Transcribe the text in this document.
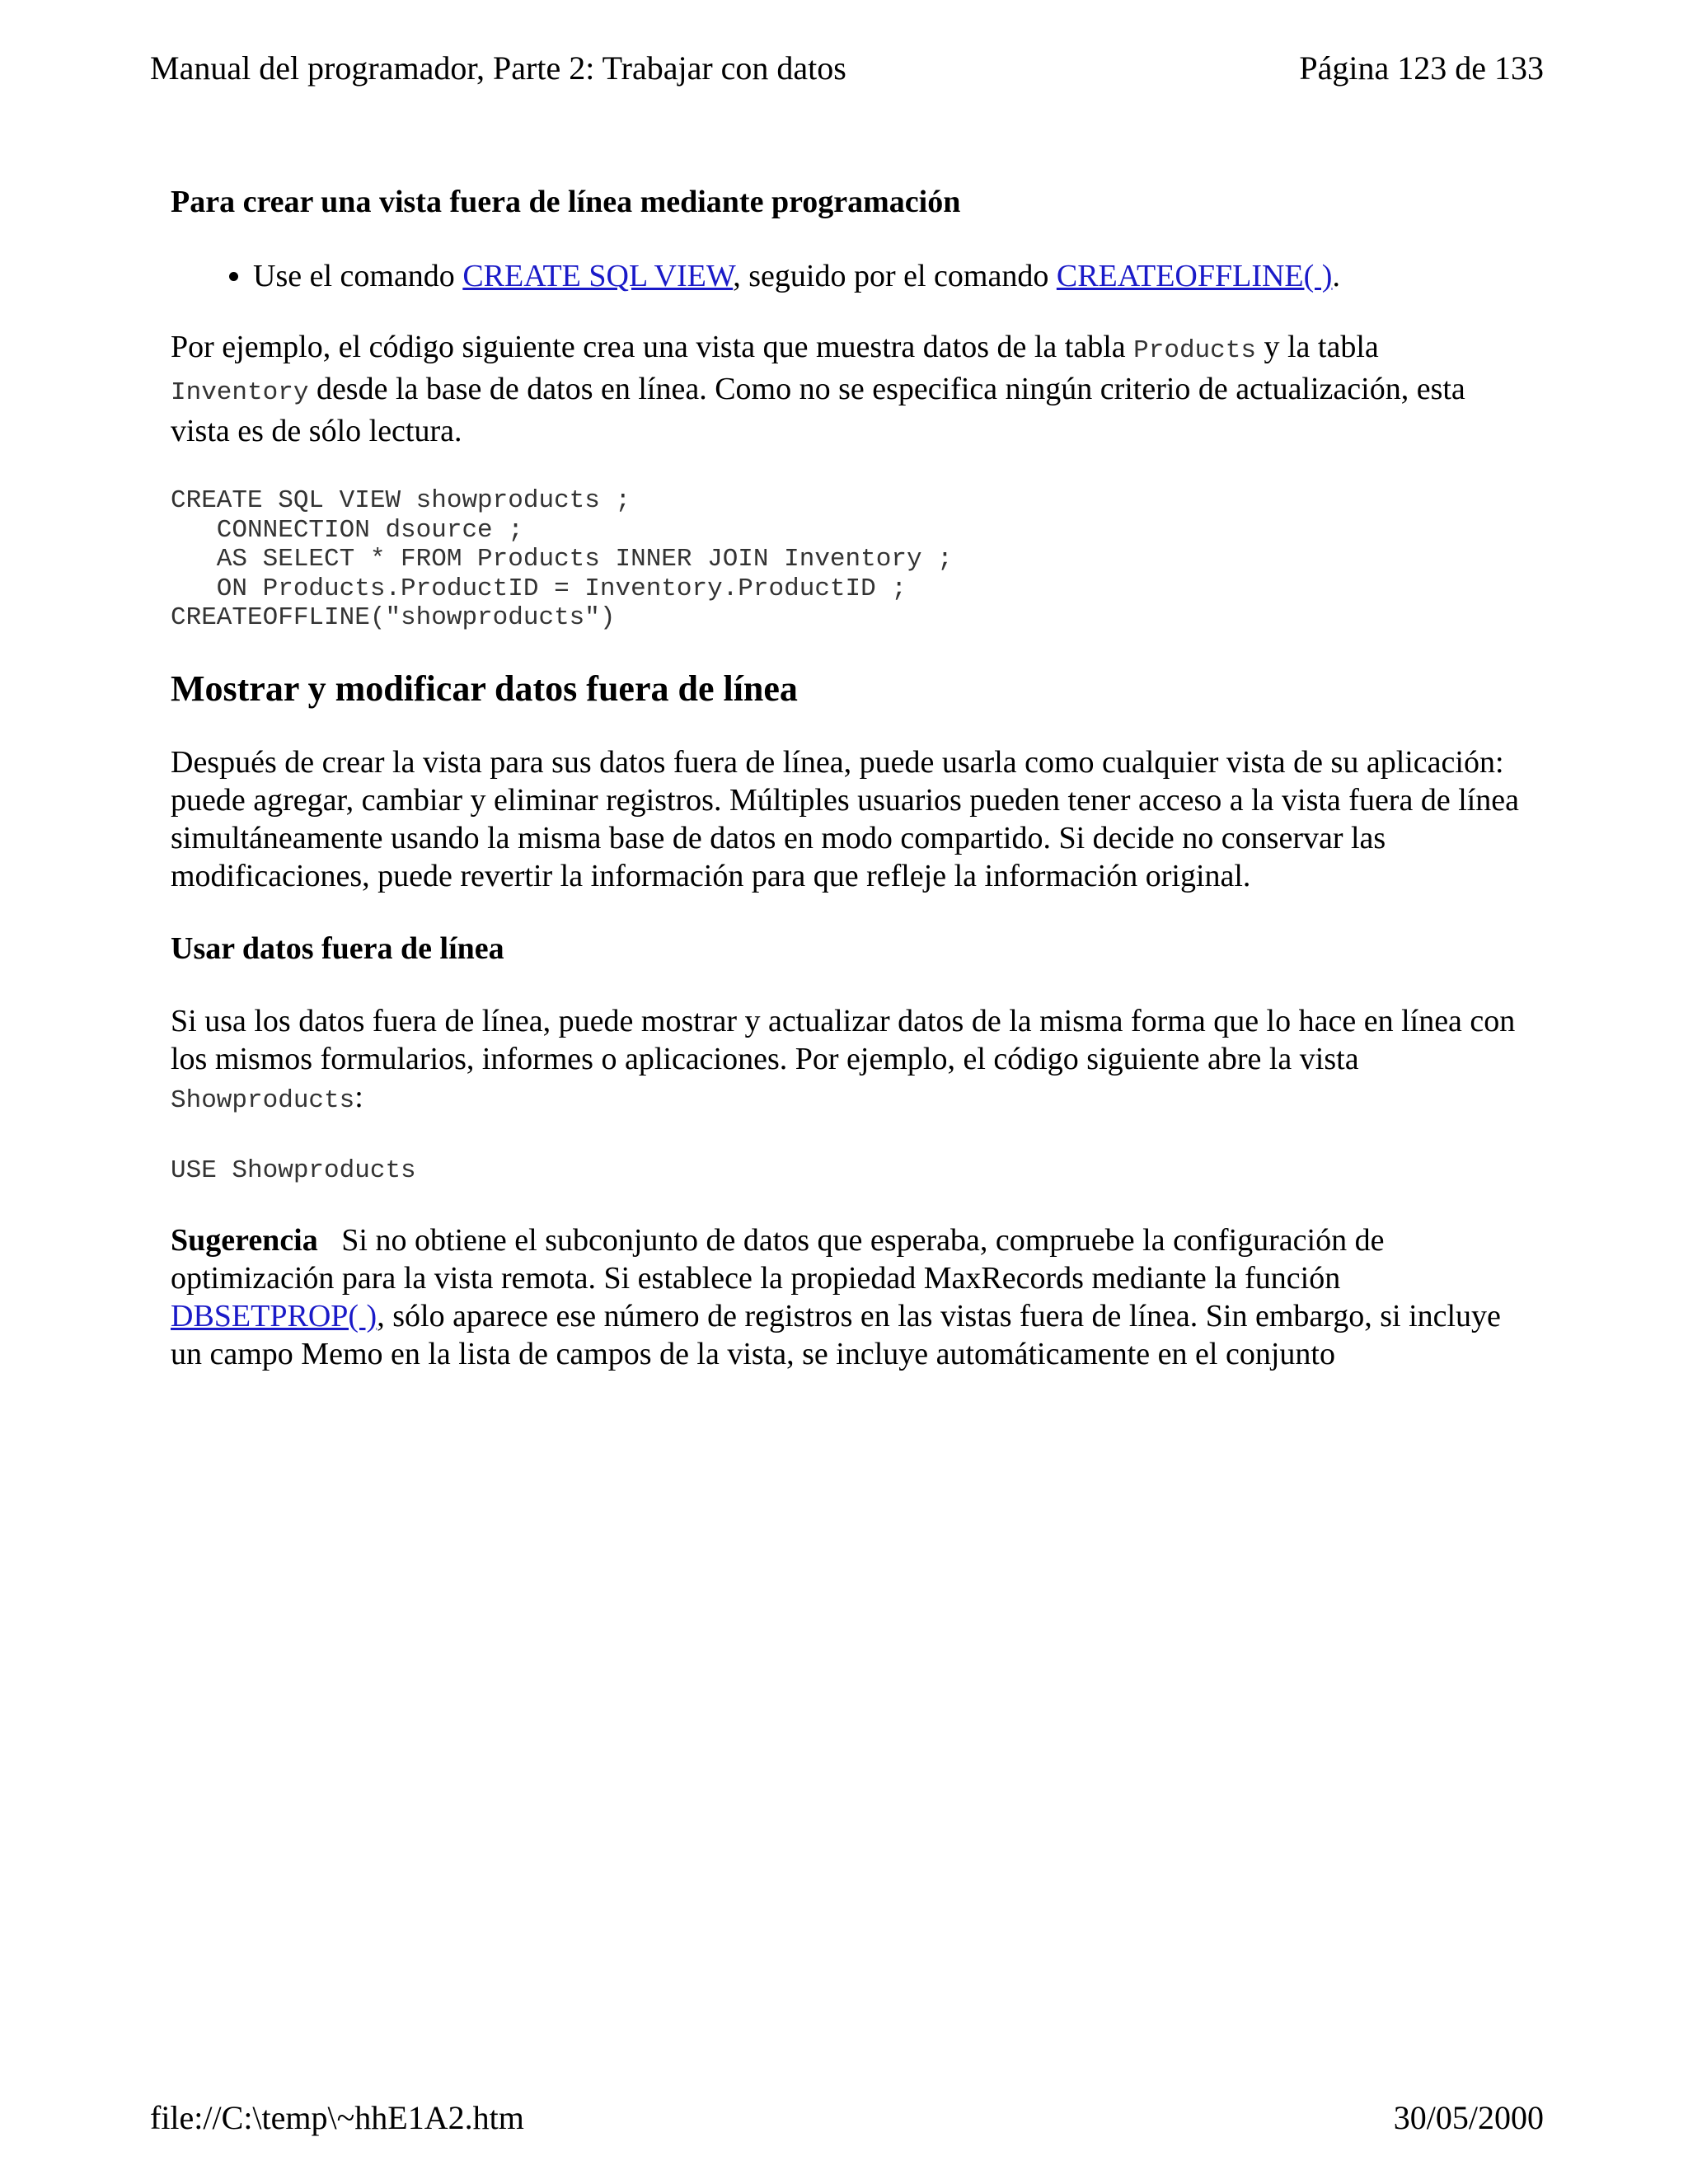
Manual del programador, Parte 2: Trabajar con datos	Página 123 de 133
Para crear una vista fuera de línea mediante programación
• Use el comando CREATE SQL VIEW, seguido por el comando CREATEOFFLINE( ).

Por ejemplo, el código siguiente crea una vista que muestra datos de la tabla Products y la tabla Inventory desde la base de datos en línea. Como no se especifica ningún criterio de actualización, esta vista es de sólo lectura.

CREATE SQL VIEW showproducts ;
CONNECTION dsource ;
AS SELECT * FROM Products INNER JOIN Inventory ;
ON Products.ProductID = Inventory.ProductID ;
CREATEOFFLINE("showproducts")
Mostrar y modificar datos fuera de línea

Después de crear la vista para sus datos fuera de línea, puede usarla como cualquier vista de su aplicación: puede agregar, cambiar y eliminar registros. Múltiples usuarios pueden tener acceso a la vista fuera de línea simultáneamente usando la misma base de datos en modo compartido. Si decide no conservar las modificaciones, puede revertir la información para que refleje la información original.

Usar datos fuera de línea

Si usa los datos fuera de línea, puede mostrar y actualizar datos de la misma forma que lo hace en línea con los mismos formularios, informes o aplicaciones. Por ejemplo, el código siguiente abre la vista Showproducts:

USE Showproducts

Sugerencia   Si no obtiene el subconjunto de datos que esperaba, compruebe la configuración de optimización para la vista remota. Si establece la propiedad MaxRecords mediante la función DBSETPROP( ), sólo aparece ese número de registros en las vistas fuera de línea. Sin embargo, si incluye un campo Memo en la lista de campos de la vista, se incluye automáticamente en el conjunto

file://C:\temp\~hhE1A2.htm	30/05/2000
